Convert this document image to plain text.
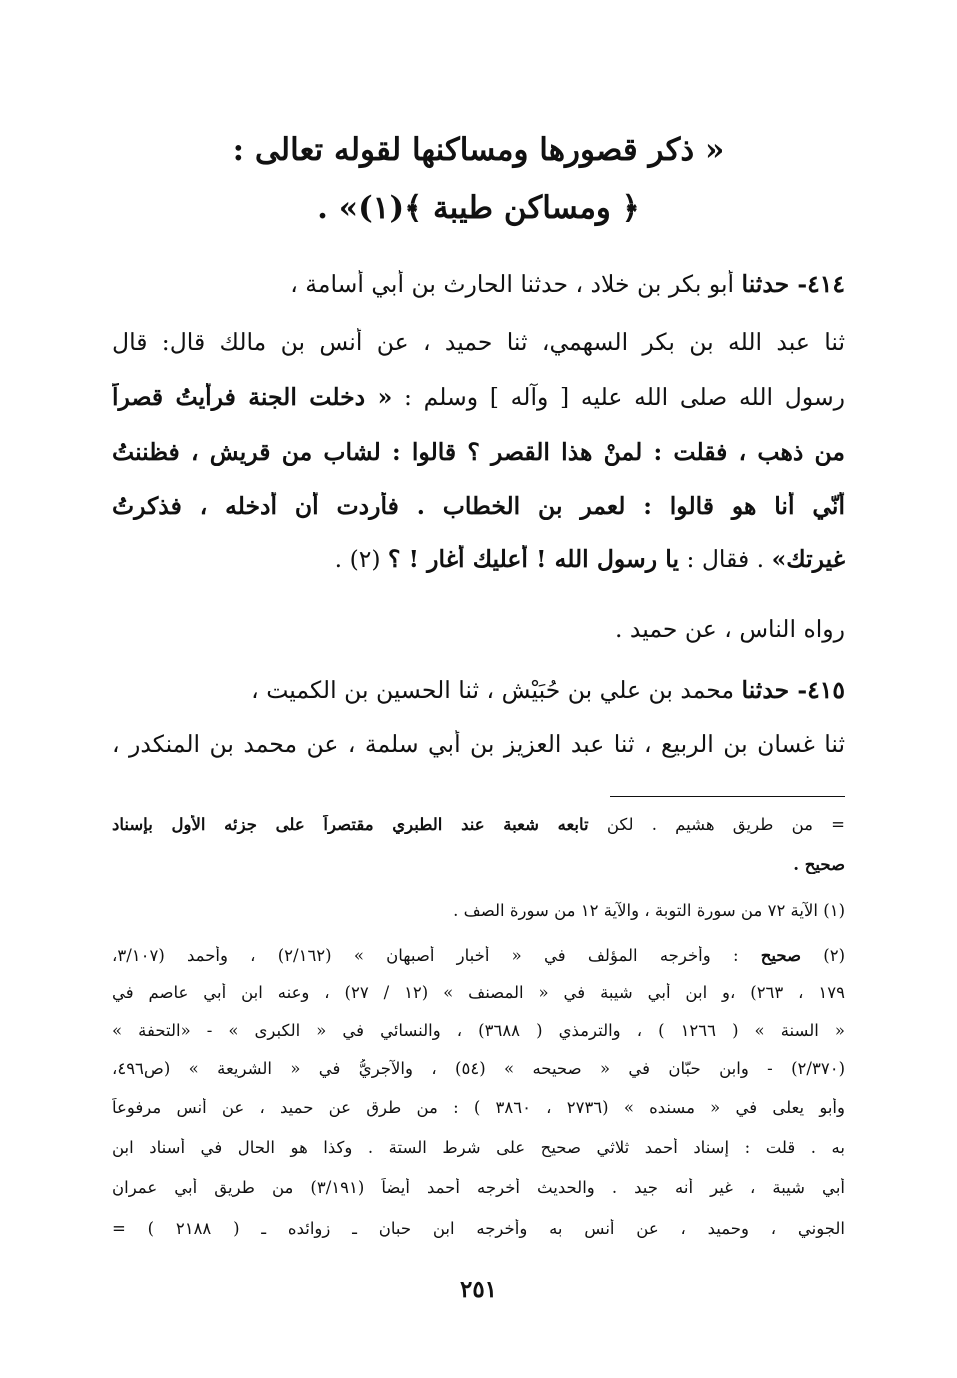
« ذكر قصورها ومساكنها لقوله تعالى :
﴿ ومساكن طيبة ﴾(١)» .
٤١٤- حدثنا أبو بكر بن خلاد ، حدثنا الحارث بن أبي أسامة ،
ثنا عبد الله بن بكر السهمي، ثنا حميد ، عن أنس بن مالك قال: قال
رسول الله صلى الله عليه [ وآله ] وسلم : « دخلت الجنة فرأيتُ قصراً
من ذهب ، فقلت : لمنْ هذا القصر ؟ قالوا : لشاب من قريش ، فظننتُ
أنّي أنا هو قالوا : لعمر بن الخطاب . فأردت أن أدخله ، فذكرتُ
غيرتك» . فقال : يا رسول الله ! أعليك أغار ! ؟ (٢) .
رواه الناس ، عن حميد .
٤١٥- حدثنا محمد بن علي بن حُبَيْش ، ثنا الحسين بن الكميت ،
ثنا غسان بن الربيع ، ثنا عبد العزيز بن أبي سلمة ، عن محمد بن المنكدر ،
= من طريق هشيم . لكن تابعه شعبة عند الطبري مقتصراً على جزئه الأول بإسناد
صحيح .
(١) الآية ٧٢ من سورة التوبة ، والآية ١٢ من سورة الصف .
(٢) صحيح : وأخرجه المؤلف في « أخبار أصبهان » (٢/١٦٢) ، وأحمد (٣/١٠٧،
١٧٩ ، ٢٦٣) ،و ابن أبي شيبة في « المصنف » (١٢ / ٢٧) ، وعنه ابن أبي عاصم في
« السنة » ( ١٢٦٦ ) ، والترمذي ( ٣٦٨٨) ، والنسائي في « الكبرى » - «التحفة »
(٢/٣٧٠) - وابن حبّان في « صحيحه » (٥٤) ، والآجريُّ في « الشريعة » (ص٤٩٦،
وأبو يعلى في « مسنده » (٢٧٣٦ ، ٣٨٦٠ ) : من طرق عن حميد ، عن أنس مرفوعاً
به . قلت : إسناد أحمد ثلاثي صحيح على شرط الستة . وكذا هو الحال في أسناد ابن
أبي شيبة ، غير أنه جيد . والحديث أخرجه أحمد أيضاً (٣/١٩١) من طريق أبي عمران
الجوني ، وحميد ، عن أنس به وأخرجه ابن حبان ـ زوائده ـ ( ٢١٨٨ ) =
٢٥١
